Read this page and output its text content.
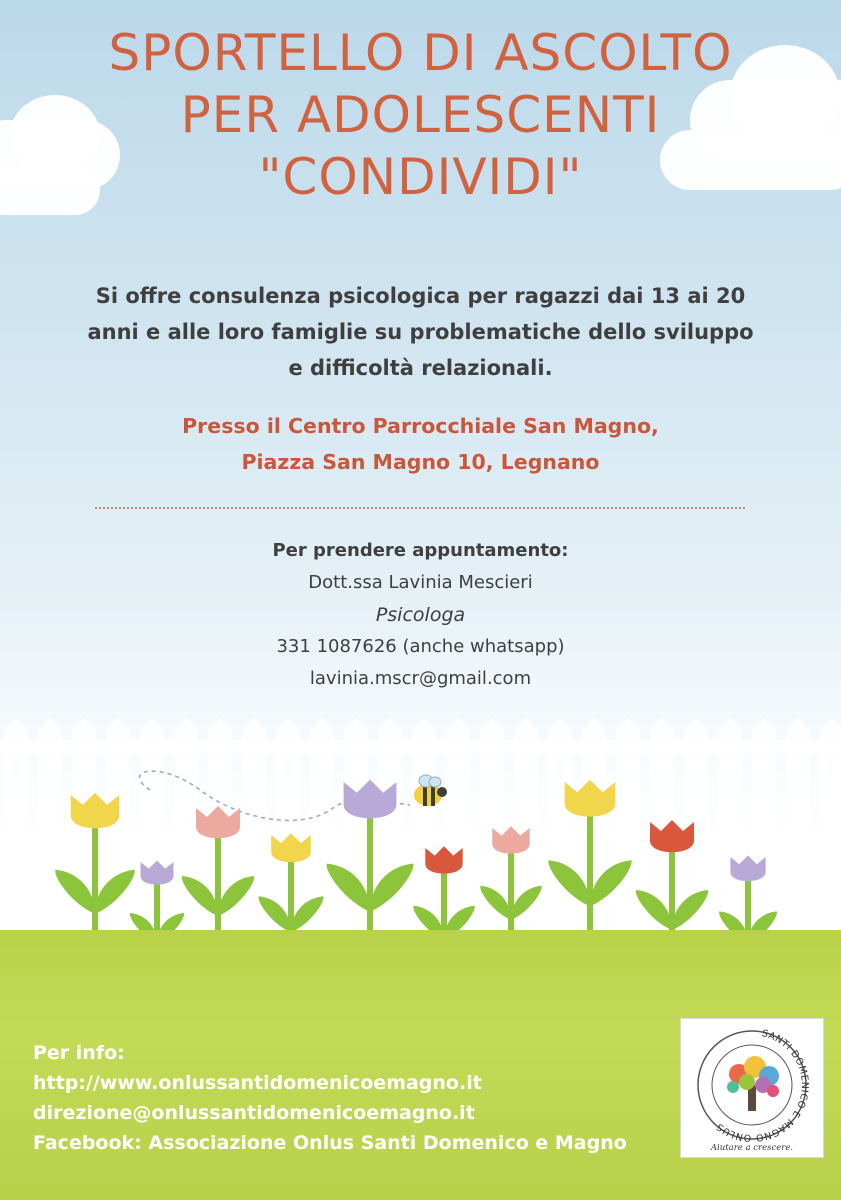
SPORTELLO DI ASCOLTO
PER ADOLESCENTI
"CONDIVIDI"
Si offre consulenza psicologica per ragazzi dai 13 ai 20
anni e alle loro famiglie su problematiche dello sviluppo
e difficoltà relazionali.
Presso il Centro Parrocchiale San Magno,
Piazza San Magno 10, Legnano
Per prendere appuntamento:
Dott.ssa Lavinia Mescieri
Psicologa
331 1087626 (anche whatsapp)
lavinia.mscr@gmail.com
Per info:
http://www.onlussantidomenicoemagno.it
direzione@onlussantidomenicoemagno.it
Facebook: Associazione Onlus Santi Domenico e Magno
SANTI DOMENICO E MAGNO ONLUS
Aiutare a crescere.
